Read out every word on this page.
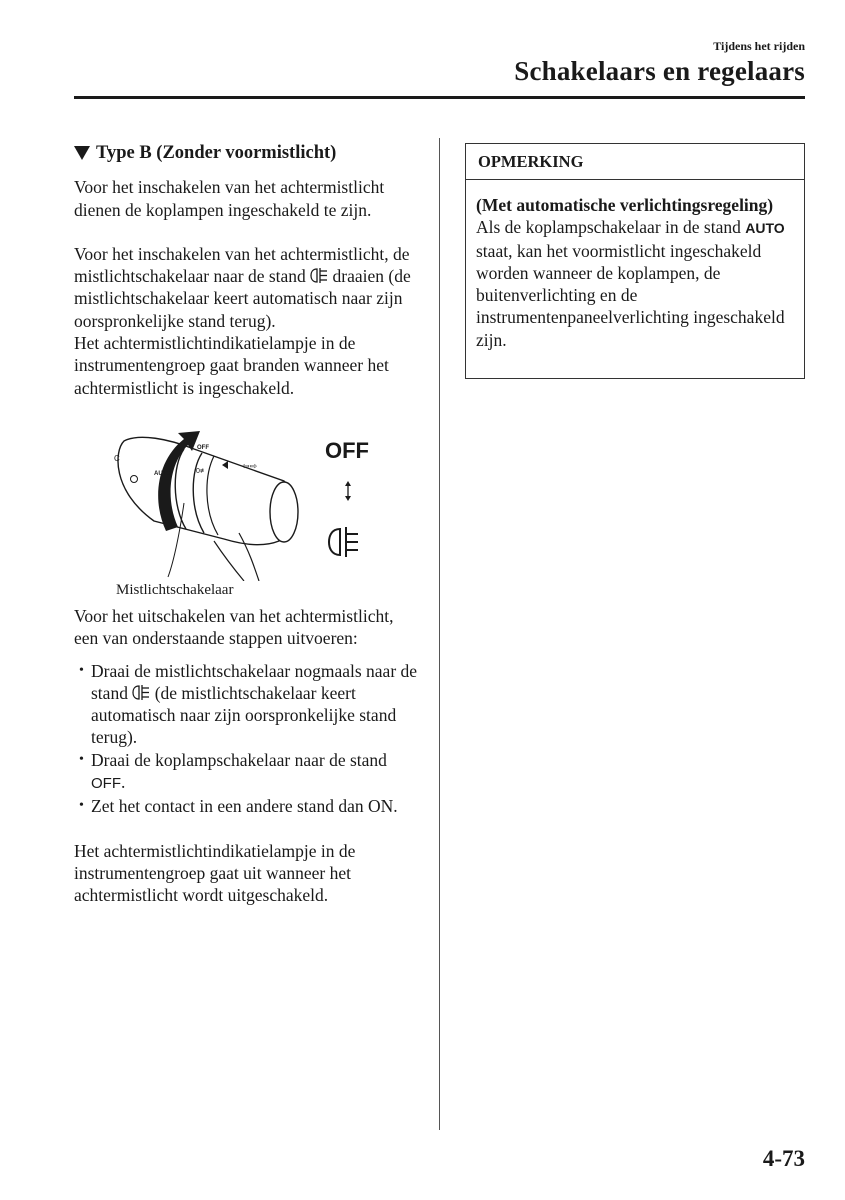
Tijdens het rijden
Schakelaars en regelaars
Type B (Zonder voormistlicht)

Voor het inschakelen van het achtermistlicht dienen de koplampen ingeschakeld te zijn.

Voor het inschakelen van het achtermistlicht, de mistlichtschakelaar naar de stand draaien (de mistlichtschakelaar keert automatisch naar zijn oorspronkelijke stand terug).

Het achtermistlichtindikatielampje in de instrumentengroep gaat branden wanneer het achtermistlicht is ingeschakeld.

C
AUTO
OFF
0≢	⇦⇨
OFF
Mistlichtschakelaar

Voor het uitschakelen van het achtermistlicht, een van onderstaande stappen uitvoeren:

• Draai de mistlichtschakelaar nogmaals naar de stand (de mistlichtschakelaar keert automatisch naar zijn oorspronkelijke stand terug).
• Draai de koplampschakelaar naar de stand OFF.
• Zet het contact in een andere stand dan ON.

Het achtermistlichtindikatielampje in de instrumentengroep gaat uit wanneer het achtermistlicht wordt uitgeschakeld.

OPMERKING
(Met automatische verlichtingsregeling)
Als de koplampschakelaar in de stand AUTO staat, kan het voormistlicht ingeschakeld worden wanneer de koplampen, de buitenverlichting en de instrumentenpaneelverlichting ingeschakeld zijn.
4-73
